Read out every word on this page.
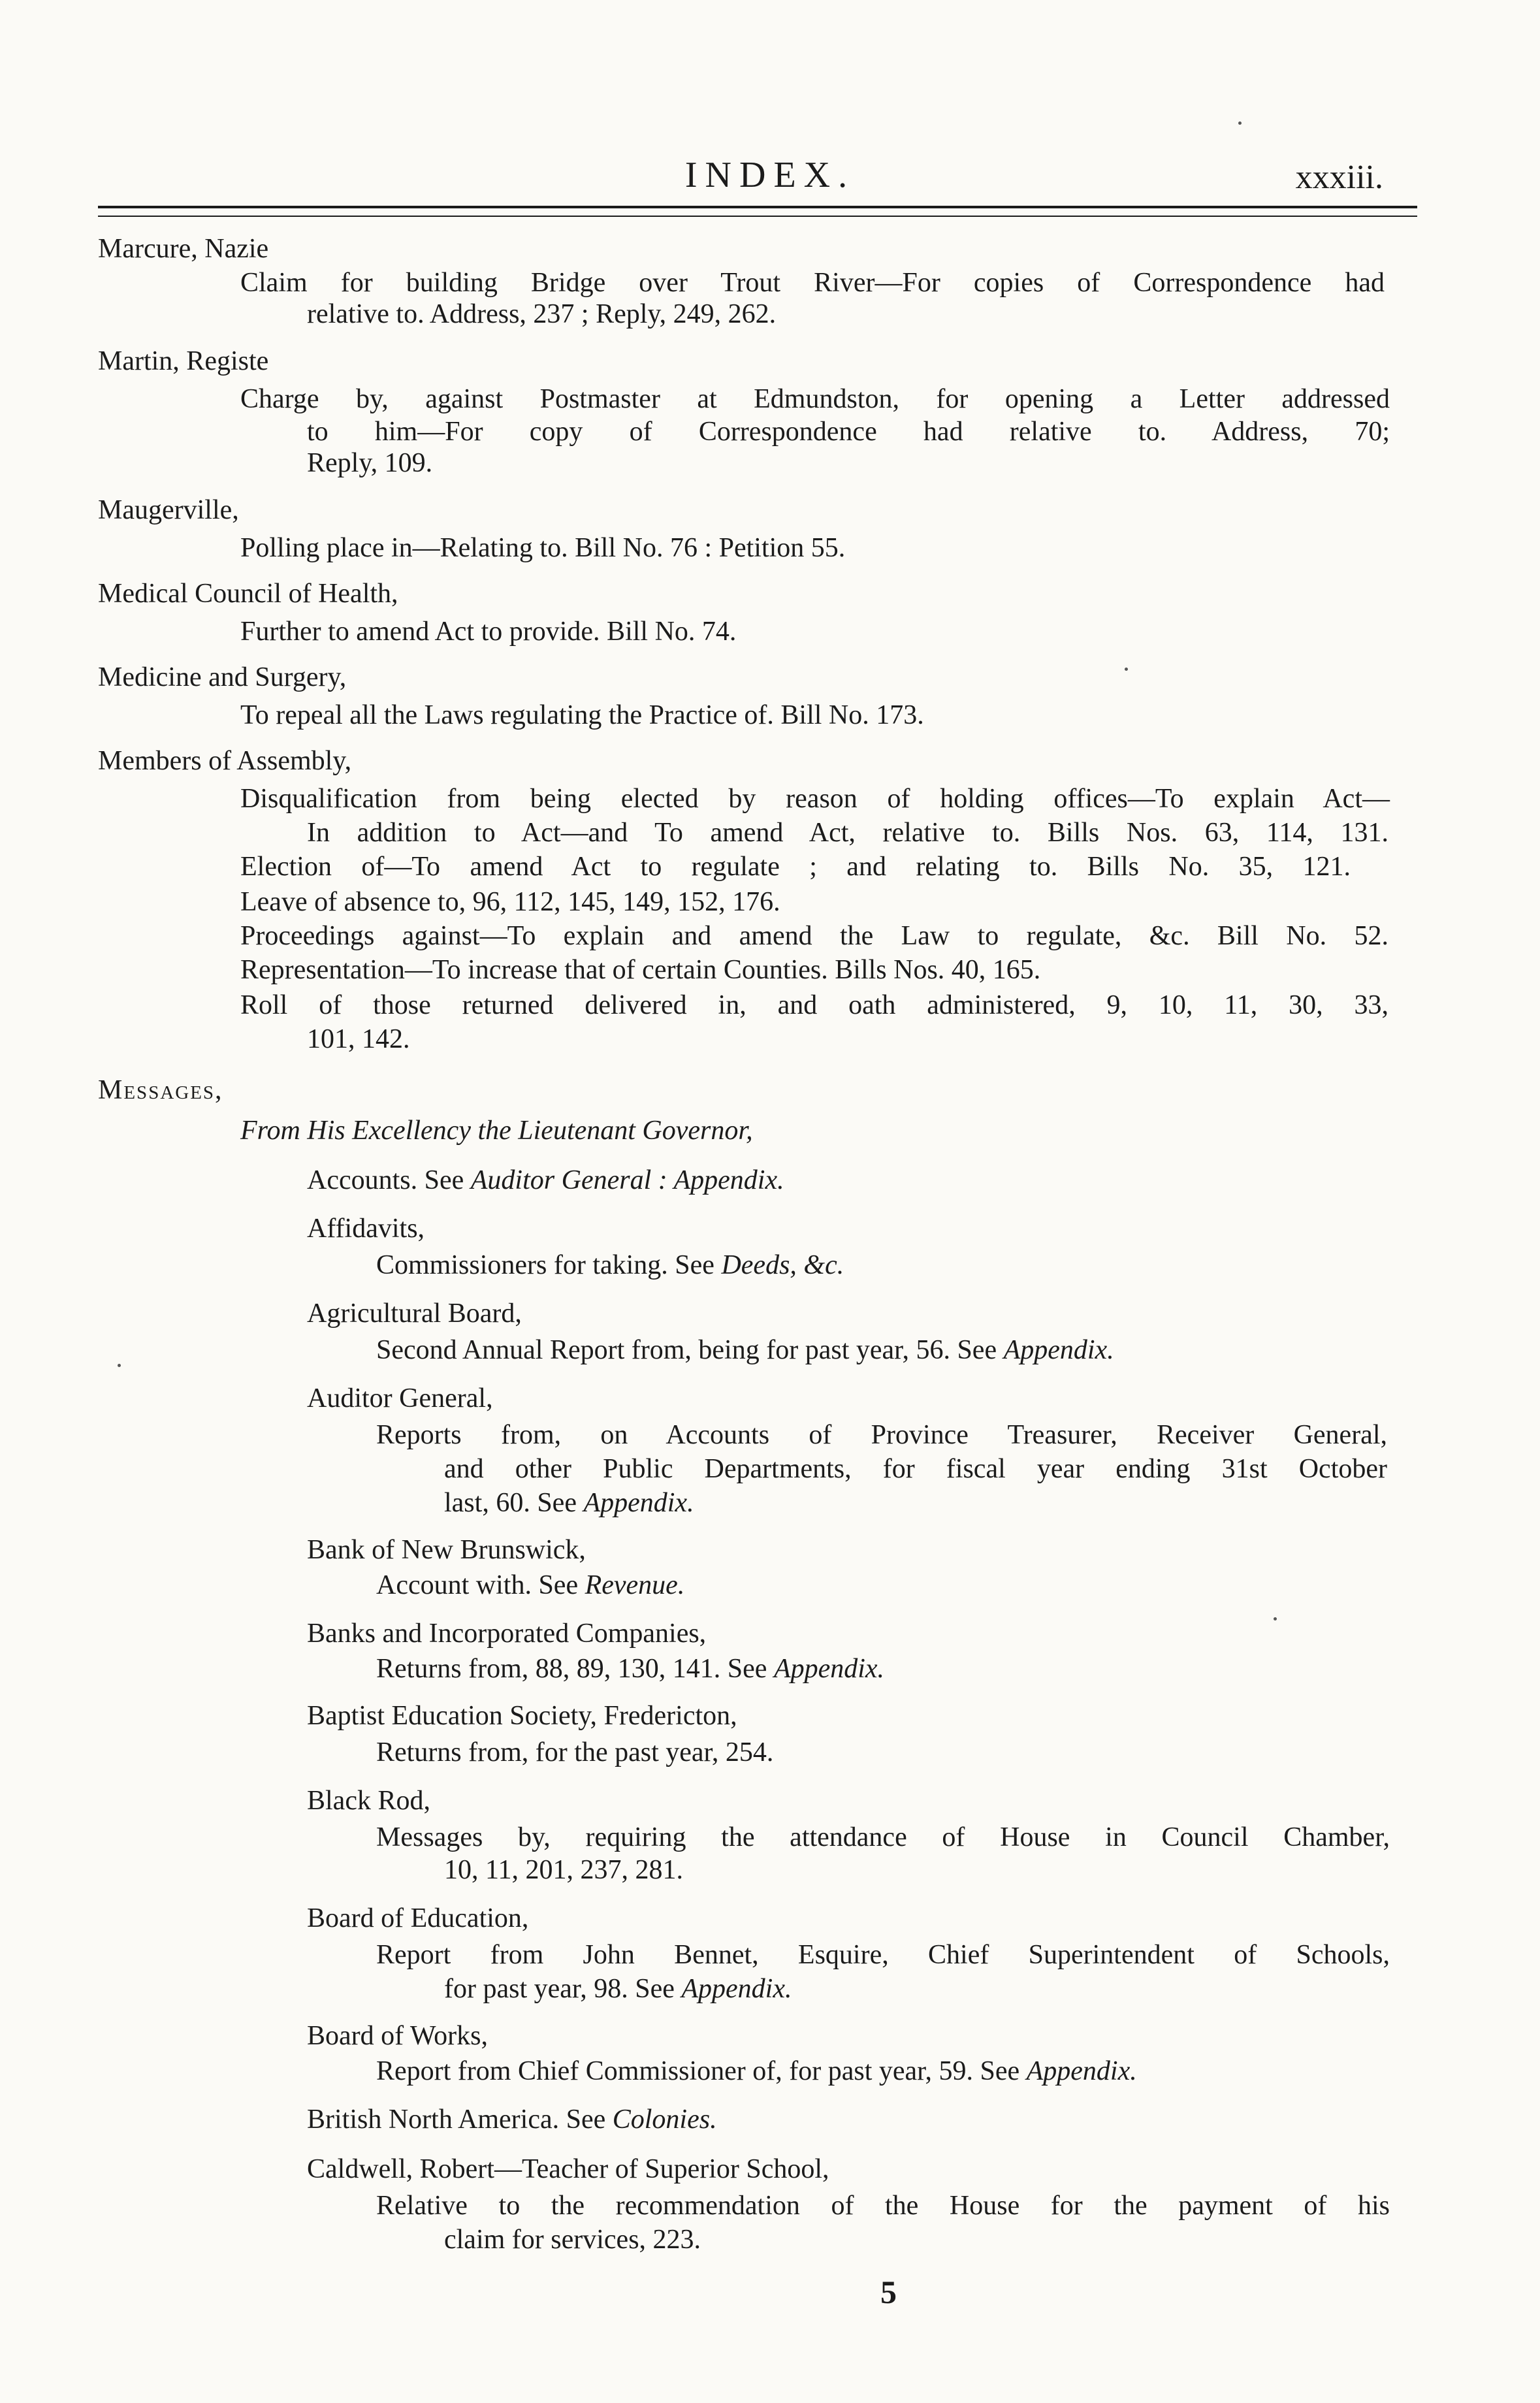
INDEX.	xxxiii.
Marcure, Nazie
Claim for building Bridge over Trout River—For copies of Correspondence had
relative to. Address, 237 ; Reply, 249, 262.
Martin, Registe
Charge by, against Postmaster at Edmundston, for opening a Letter addressed
to him—For copy of Correspondence had relative to. Address, 70;
Reply, 109.
Maugerville,
Polling place in—Relating to. Bill No. 76 : Petition 55.
Medical Council of Health,
Further to amend Act to provide. Bill No. 74.
Medicine and Surgery,
To repeal all the Laws regulating the Practice of. Bill No. 173.
Members of Assembly,
Disqualification from being elected by reason of holding offices—To explain Act—
In addition to Act—and To amend Act, relative to. Bills Nos. 63, 114, 131.
Election of—To amend Act to regulate ; and relating to. Bills No. 35, 121.
Leave of absence to, 96, 112, 145, 149, 152, 176.
Proceedings against—To explain and amend the Law to regulate, &c. Bill No. 52.
Representation—To increase that of certain Counties. Bills Nos. 40, 165.
Roll of those returned delivered in, and oath administered, 9, 10, 11, 30, 33,
101, 142.
Messages,
From His Excellency the Lieutenant Governor,
Accounts. See Auditor General : Appendix.
Affidavits,
Commissioners for taking. See Deeds, &c.
Agricultural Board,
Second Annual Report from, being for past year, 56. See Appendix.
Auditor General,
Reports from, on Accounts of Province Treasurer, Receiver General,
and other Public Departments, for fiscal year ending 31st October
last, 60. See Appendix.
Bank of New Brunswick,
Account with. See Revenue.
Banks and Incorporated Companies,
Returns from, 88, 89, 130, 141. See Appendix.
Baptist Education Society, Fredericton,
Returns from, for the past year, 254.
Black Rod,
Messages by, requiring the attendance of House in Council Chamber,
10, 11, 201, 237, 281.
Board of Education,
Report from John Bennet, Esquire, Chief Superintendent of Schools,
for past year, 98. See Appendix.
Board of Works,
Report from Chief Commissioner of, for past year, 59. See Appendix.
British North America. See Colonies.
Caldwell, Robert—Teacher of Superior School,
Relative to the recommendation of the House for the payment of his
claim for services, 223.
5
